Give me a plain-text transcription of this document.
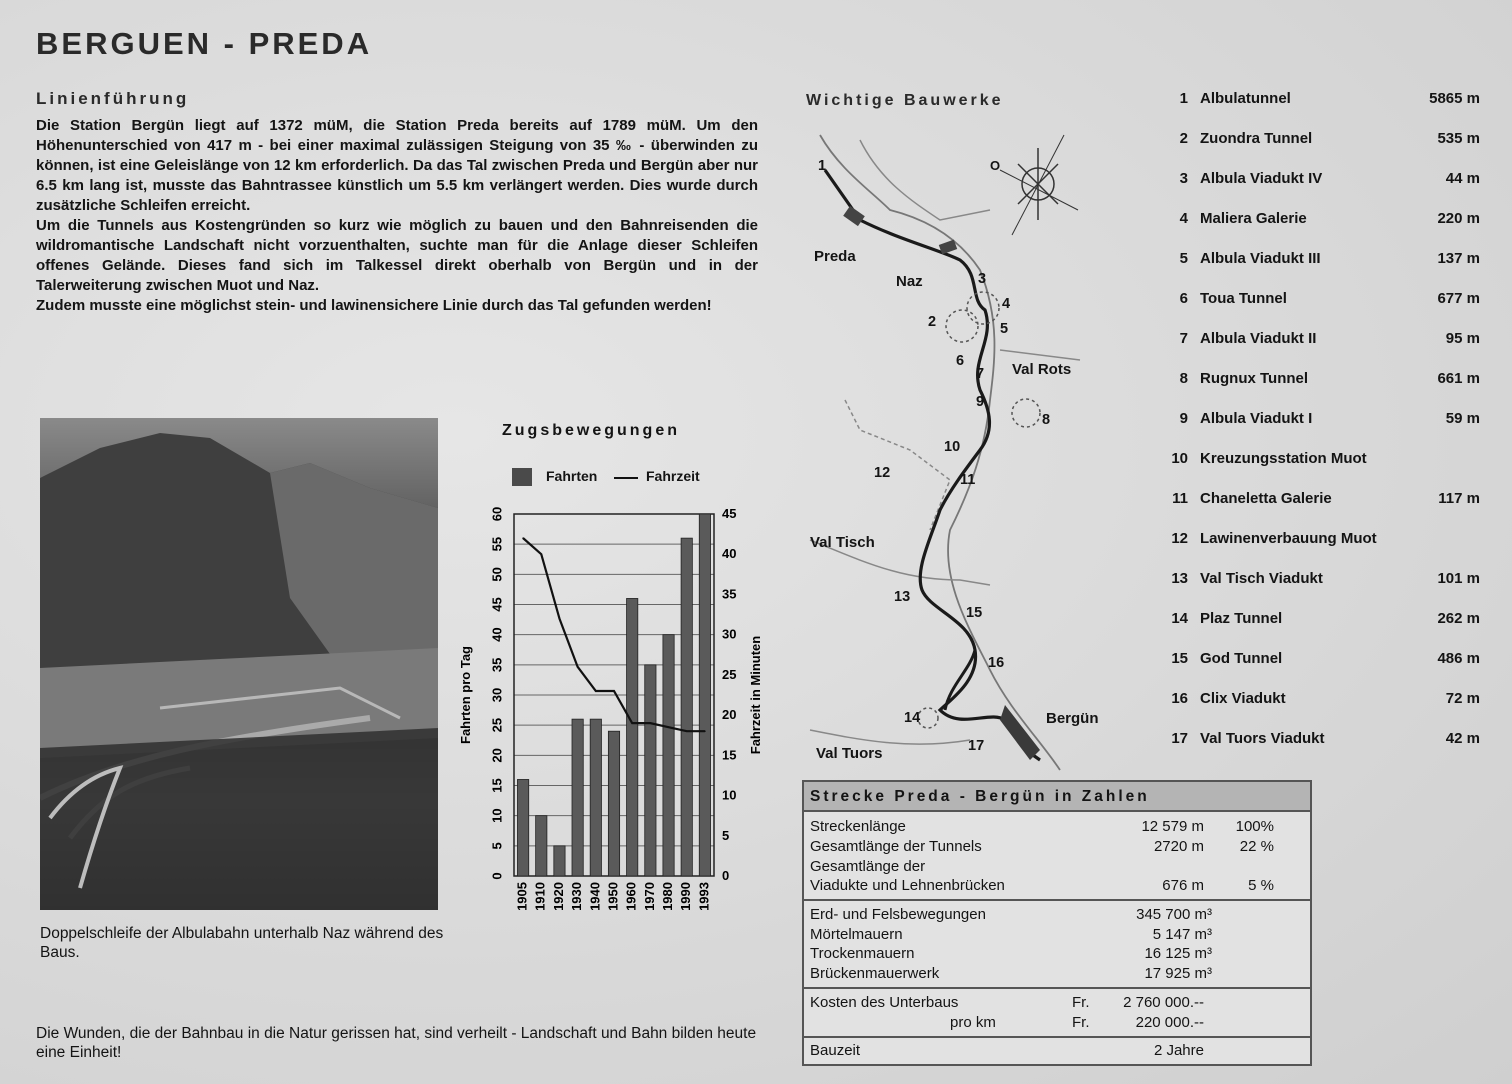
BERGUEN - PREDA
Linienführung

Die Station Bergün liegt auf 1372 müM, die Station Preda bereits auf 1789 müM. Um den Höhenunterschied von 417 m - bei einer maximal zulässigen Steigung von 35 ‰ - überwinden zu können, ist eine Geleislänge von 12 km erforderlich. Da das Tal zwischen Preda und Bergün aber nur 6.5 km lang ist, musste das Bahntrassee künstlich um 5.5 km verlängert werden. Dies wurde durch zusätzliche Schleifen erreicht.

Um die Tunnels aus Kostengründen so kurz wie möglich zu bauen und den Bahnreisenden die wildromantische Landschaft nicht vorzuenthalten, suchte man für die Anlage dieser Schleifen offenes Gelände. Dieses fand sich im Talkessel direkt oberhalb von Bergün und in der Talerweiterung zwischen Muot und Naz.

Zudem musste eine möglichst stein- und lawinensichere Linie durch das Tal gefunden werden!

Doppelschleife der Albulabahn unterhalb Naz während des Baus.
Die Wunden, die der Bahnbau in die Natur gerissen hat, sind verheilt - Landschaft und Bahn bilden heute eine Einheit!
Zugsbewegungen
Fahrten	Fahrzeit
0
5
10
15
20
25
30
35
40
45
50
55
60
0
5
10
15
20
25
30
35
40
45
Fahrten pro Tag	Fahrzeit in Minuten
1905 1910 1920 1930 1940 1950 1960 1970 1980 1990 1993
Wichtige Bauwerke
Preda
Naz
Val Rots
Val Tisch
Val Tuors
Bergün
O
1
2
3
4
5
6
7
8
9
10
11
12
13
14
15
16
17
1 Albulatunnel	5865 m
2 Zuondra Tunnel	535 m
3 Albula Viadukt IV	44 m
4 Maliera Galerie	220 m
5 Albula Viadukt III	137 m
6 Toua Tunnel	677 m
7 Albula Viadukt II	95 m
8 Rugnux Tunnel	661 m
9 Albula Viadukt I	59 m
10 Kreuzungsstation Muot
11 Chaneletta Galerie	117 m
12 Lawinenverbauung Muot
13 Val Tisch Viadukt	101 m
14 Plaz Tunnel	262 m
15 God Tunnel	486 m
16 Clix Viadukt	72 m
17 Val Tuors Viadukt	42 m
Strecke Preda - Bergün in Zahlen
Streckenlänge	12 579 m 100%
Gesamtlänge der Tunnels	2720 m	22 %
Gesamtlänge der
Viadukte und Lehnenbrücken	676 m	5 %
Erd- und Felsbewegungen	345 700 m³
Mörtelmauern	5 147 m³
Trockenmauern	16 125 m³
Brückenmauerwerk	17 925 m³
Kosten des Unterbaus	Fr.	2 760 000.--
pro km	Fr.	220 000.--
Bauzeit	2 Jahre
